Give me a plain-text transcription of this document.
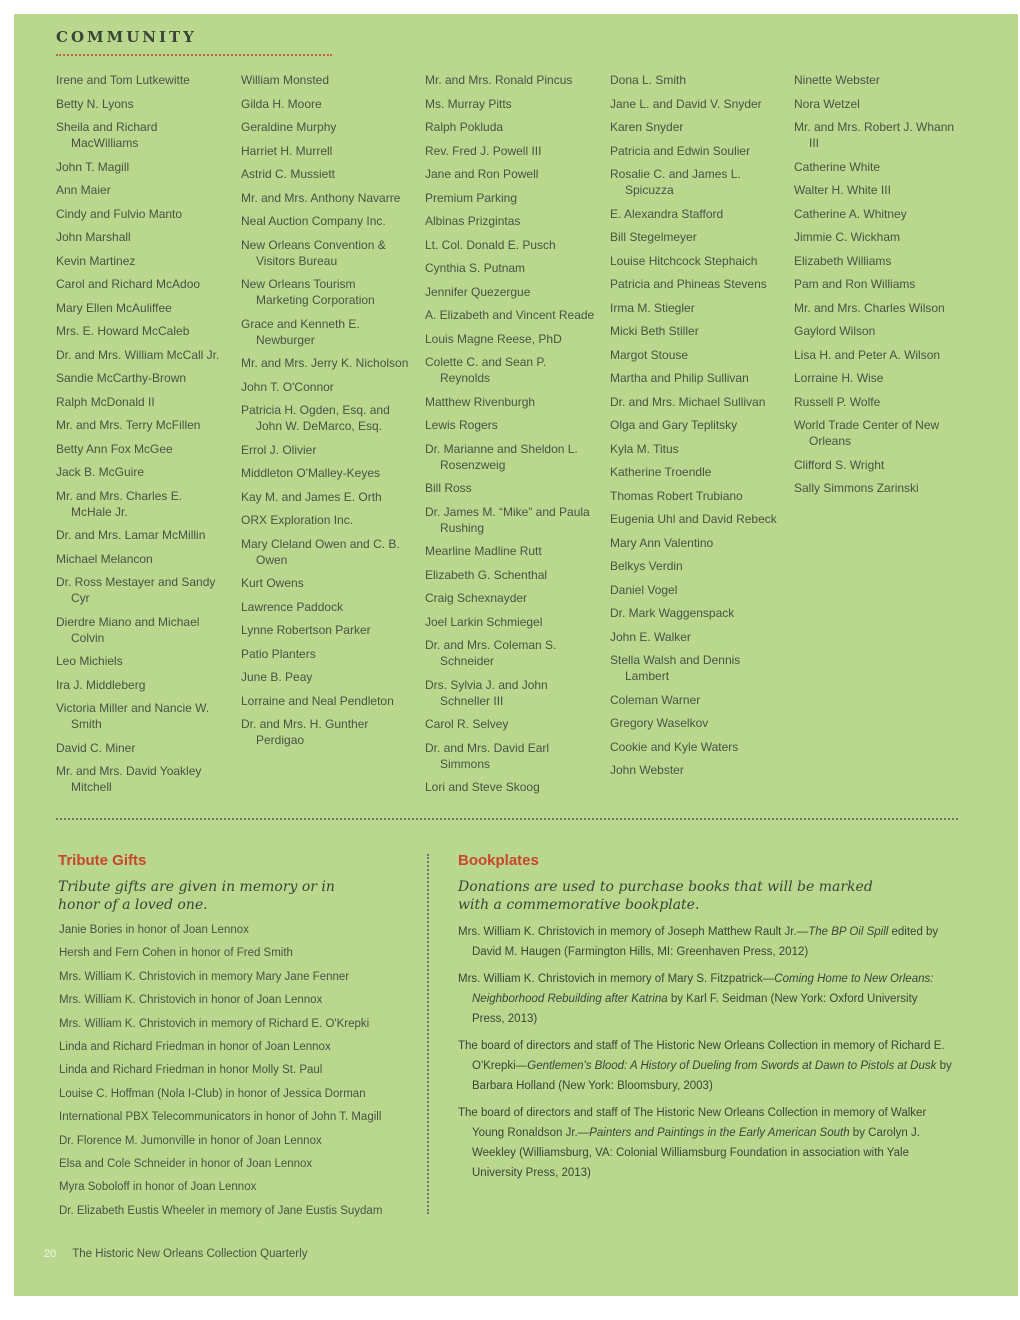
COMMUNITY
Irene and Tom Lutkewitte
Betty N. Lyons
Sheila and Richard MacWilliams
John T. Magill
Ann Maier
Cindy and Fulvio Manto
John Marshall
Kevin Martinez
Carol and Richard McAdoo
Mary Ellen McAuliffee
Mrs. E. Howard McCaleb
Dr. and Mrs. William McCall Jr.
Sandie McCarthy-Brown
Ralph McDonald II
Mr. and Mrs. Terry McFillen
Betty Ann Fox McGee
Jack B. McGuire
Mr. and Mrs. Charles E. McHale Jr.
Dr. and Mrs. Lamar McMillin
Michael Melancon
Dr. Ross Mestayer and Sandy Cyr
Dierdre Miano and Michael Colvin
Leo Michiels
Ira J. Middleberg
Victoria Miller and Nancie W. Smith
David C. Miner
Mr. and Mrs. David Yoakley Mitchell
William Monsted
Gilda H. Moore
Geraldine Murphy
Harriet H. Murrell
Astrid C. Mussiett
Mr. and Mrs. Anthony Navarre
Neal Auction Company Inc.
New Orleans Convention & Visitors Bureau
New Orleans Tourism Marketing Corporation
Grace and Kenneth E. Newburger
Mr. and Mrs. Jerry K. Nicholson
John T. O'Connor
Patricia H. Ogden, Esq. and John W. DeMarco, Esq.
Errol J. Olivier
Middleton O'Malley-Keyes
Kay M. and James E. Orth
ORX Exploration Inc.
Mary Cleland Owen and C. B. Owen
Kurt Owens
Lawrence Paddock
Lynne Robertson Parker
Patio Planters
June B. Peay
Lorraine and Neal Pendleton
Dr. and Mrs. H. Gunther Perdigao
Mr. and Mrs. Ronald Pincus
Ms. Murray Pitts
Ralph Pokluda
Rev. Fred J. Powell III
Jane and Ron Powell
Premium Parking
Albinas Prizgintas
Lt. Col. Donald E. Pusch
Cynthia S. Putnam
Jennifer Quezergue
A. Elizabeth and Vincent Reade
Louis Magne Reese, PhD
Colette C. and Sean P. Reynolds
Matthew Rivenburgh
Lewis Rogers
Dr. Marianne and Sheldon L. Rosenzweig
Bill Ross
Dr. James M. “Mike” and Paula Rushing
Mearline Madline Rutt
Elizabeth G. Schenthal
Craig Schexnayder
Joel Larkin Schmiegel
Dr. and Mrs. Coleman S. Schneider
Drs. Sylvia J. and John Schneller III
Carol R. Selvey
Dr. and Mrs. David Earl Simmons
Lori and Steve Skoog
Dona L. Smith
Jane L. and David V. Snyder
Karen Snyder
Patricia and Edwin Soulier
Rosalie C. and James L. Spicuzza
E. Alexandra Stafford
Bill Stegelmeyer
Louise Hitchcock Stephaich
Patricia and Phineas Stevens
Irma M. Stiegler
Micki Beth Stiller
Margot Stouse
Martha and Philip Sullivan
Dr. and Mrs. Michael Sullivan
Olga and Gary Teplitsky
Kyla M. Titus
Katherine Troendle
Thomas Robert Trubiano
Eugenia Uhl and David Rebeck
Mary Ann Valentino
Belkys Verdin
Daniel Vogel
Dr. Mark Waggenspack
John E. Walker
Stella Walsh and Dennis Lambert
Coleman Warner
Gregory Waselkov
Cookie and Kyle Waters
John Webster
Ninette Webster
Nora Wetzel
Mr. and Mrs. Robert J. Whann III
Catherine White
Walter H. White III
Catherine A. Whitney
Jimmie C. Wickham
Elizabeth Williams
Pam and Ron Williams
Mr. and Mrs. Charles Wilson
Gaylord Wilson
Lisa H. and Peter A. Wilson
Lorraine H. Wise
Russell P. Wolfe
World Trade Center of New Orleans
Clifford S. Wright
Sally Simmons Zarinski
Tribute Gifts

Tribute gifts are given in memory or in honor of a loved one.

Janie Bories in honor of Joan Lennox
Hersh and Fern Cohen in honor of Fred Smith
Mrs. William K. Christovich in memory Mary Jane Fenner
Mrs. William K. Christovich in honor of Joan Lennox
Mrs. William K. Christovich in memory of Richard E. O'Krepki
Linda and Richard Friedman in honor of Joan Lennox
Linda and Richard Friedman in honor Molly St. Paul
Louise C. Hoffman (Nola I-Club) in honor of Jessica Dorman
International PBX Telecommunicators in honor of John T. Magill
Dr. Florence M. Jumonville in honor of Joan Lennox
Elsa and Cole Schneider in honor of Joan Lennox
Myra Soboloff in honor of Joan Lennox
Dr. Elizabeth Eustis Wheeler in memory of Jane Eustis Suydam
Bookplates

Donations are used to purchase books that will be marked with a commemorative bookplate.

Mrs. William K. Christovich in memory of Joseph Matthew Rault Jr.—The BP Oil Spill edited by David M. Haugen (Farmington Hills, MI: Greenhaven Press, 2012)
Mrs. William K. Christovich in memory of Mary S. Fitzpatrick—Coming Home to New Orleans: Neighborhood Rebuilding after Katrina by Karl F. Seidman (New York: Oxford University Press, 2013)
The board of directors and staff of The Historic New Orleans Collection in memory of Richard E. O'Krepki—Gentlemen's Blood: A History of Dueling from Swords at Dawn to Pistols at Dusk by Barbara Holland (New York: Bloomsbury, 2003)
The board of directors and staff of The Historic New Orleans Collection in memory of Walker Young Ronaldson Jr.—Painters and Paintings in the Early American South by Carolyn J. Weekley (Williamsburg, VA: Colonial Williamsburg Foundation in association with Yale University Press, 2013)
20 The Historic New Orleans Collection Quarterly
